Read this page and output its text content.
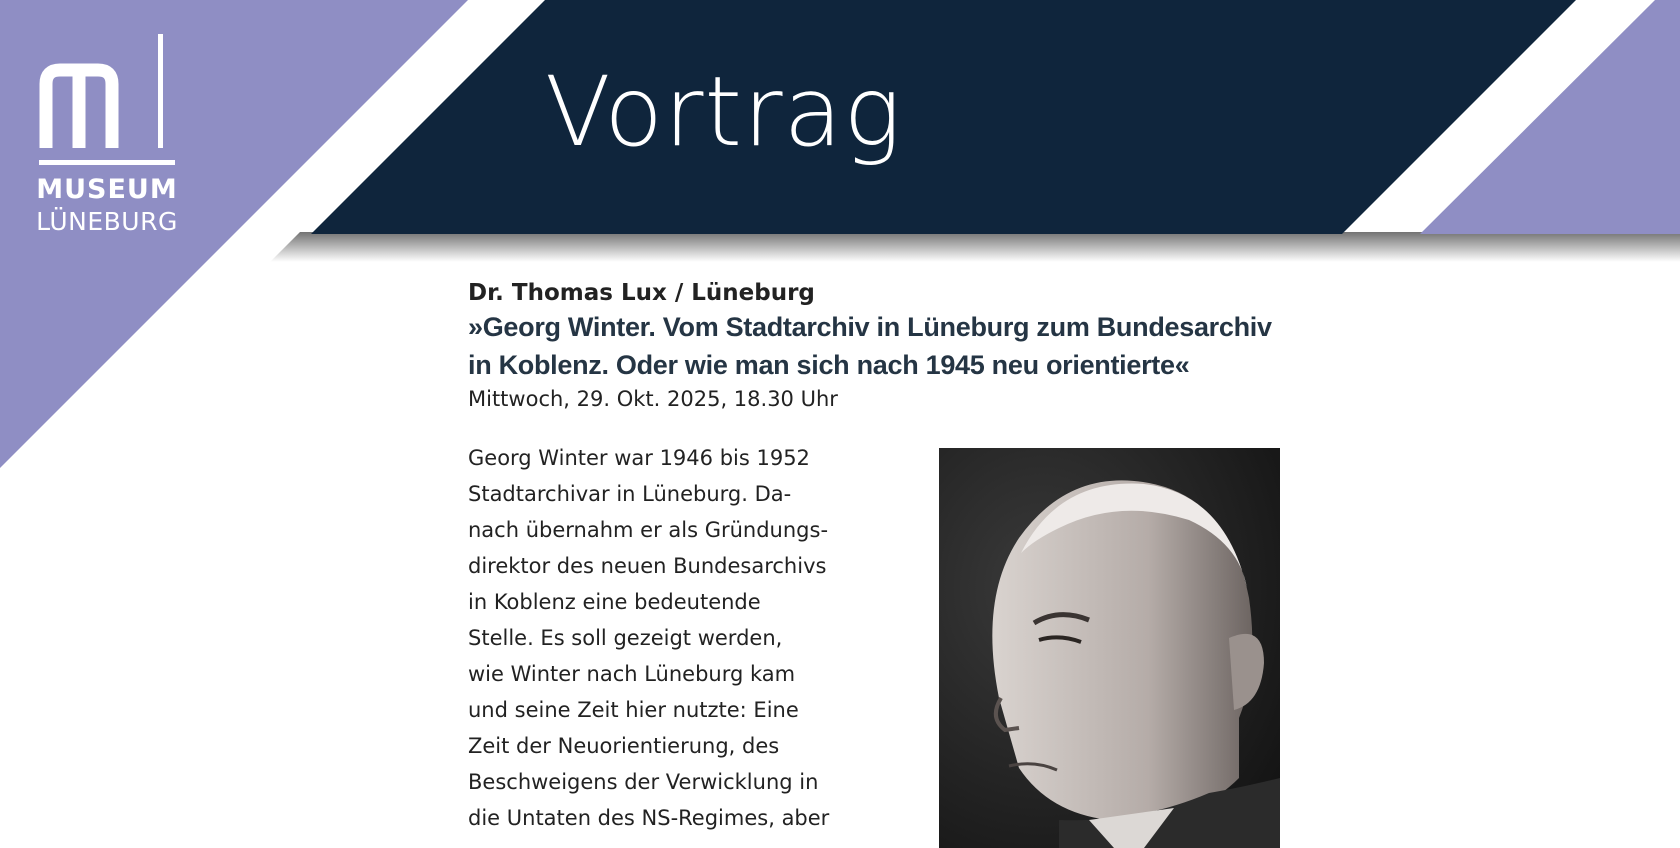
MUSEUM
LÜNEBURG
Vortrag

Dr. Thomas Lux / Lüneburg

»Georg Winter. Vom Stadtarchiv in Lüneburg zum Bundesarchiv in Koblenz. Oder wie man sich nach 1945 neu orientierte«

Mittwoch, 29. Okt. 2025, 18.30 Uhr

Georg Winter war 1946 bis 1952
Stadtarchivar in Lüneburg. Da-
nach übernahm er als Gründungs-
direktor des neuen Bundesarchivs
in Koblenz eine bedeutende
Stelle. Es soll gezeigt werden,
wie Winter nach Lüneburg kam
und seine Zeit hier nutzte: Eine
Zeit der Neuorientierung, des
Beschweigens der Verwicklung in
die Untaten des NS-Regimes, aber
